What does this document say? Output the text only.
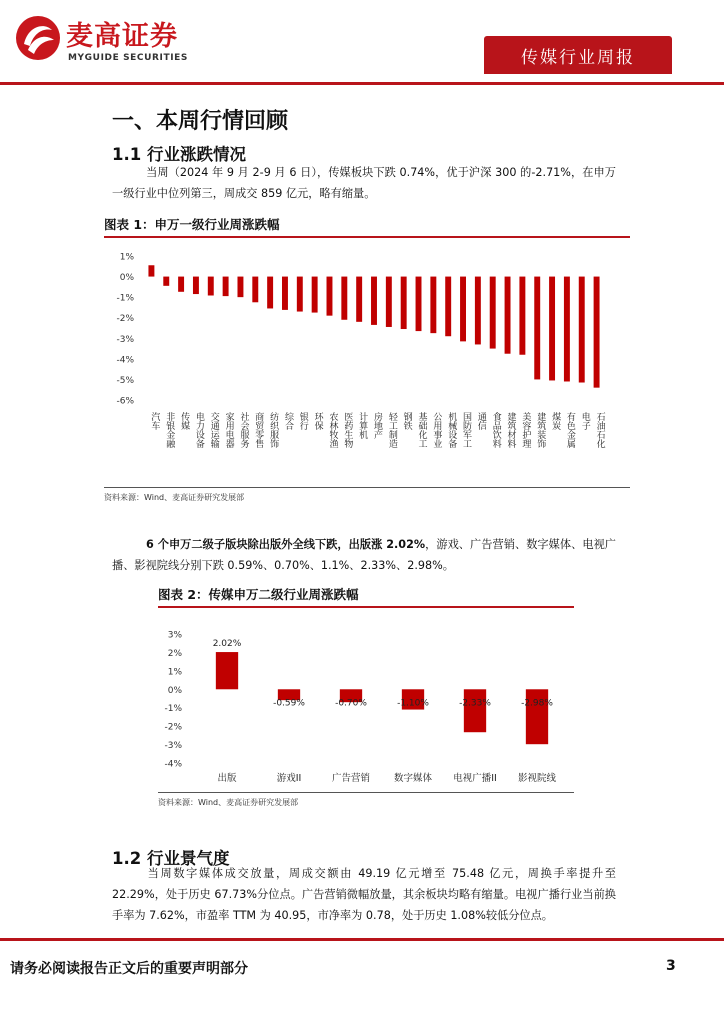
麦高证券
MYGUIDE SECURITIES	传媒行业周报
一、本周行情回顾
1.1 行业涨跌情况
当周（2024 年 9 月 2-9 月 6 日），传媒板块下跌 0.74%，优于沪深 300 的-2.71%，在申万一级行业中位列第三，周成交 859 亿元，略有缩量。
图表 1：申万一级行业周涨跌幅
1%
0%
-1%
-2%
-3%
-4%
-5%
-6%
汽车 非银金融 传媒 电力设备 交通运输 家用电器 社会服务 商贸零售 纺织服饰 综合 银行 环保 农林牧渔 医药生物 计算机 房地产 轻工制造 钢铁 基础化工 公用事业 机械设备 国防军工 通信 食品饮料 建筑材料 美容护理 建筑装饰 煤炭 有色金属 电子 石油石化
资料来源：Wind、麦高证券研究发展部
6 个申万二级子版块除出版外全线下跌，出版涨 2.02%，游戏、广告营销、数字媒体、电视广播、影视院线分别下跌 0.59%、0.70%、1.1%、2.33%、2.98%。
图表 2：传媒申万二级行业周涨跌幅
3%
2%
1%
0%
-1%
-2%
-3%
-4%
2.02%
出版
-0.59%
游戏II
-0.70%
广告营销
-1.10%
数字媒体
-2.33%
电视广播II
-2.98%
影视院线
资料来源：Wind、麦高证券研究发展部
1.2 行业景气度
当周数字媒体成交放量，周成交额由 49.19 亿元增至 75.48 亿元，周换手率提升至 22.29%，处于历史 67.73%分位点。广告营销微幅放量，其余板块均略有缩量。电视广播行业当前换手率为 7.62%，市盈率 TTM 为 40.95，市净率为 0.78，处于历史 1.08%较低分位点。
请务必阅读报告正文后的重要声明部分	3
